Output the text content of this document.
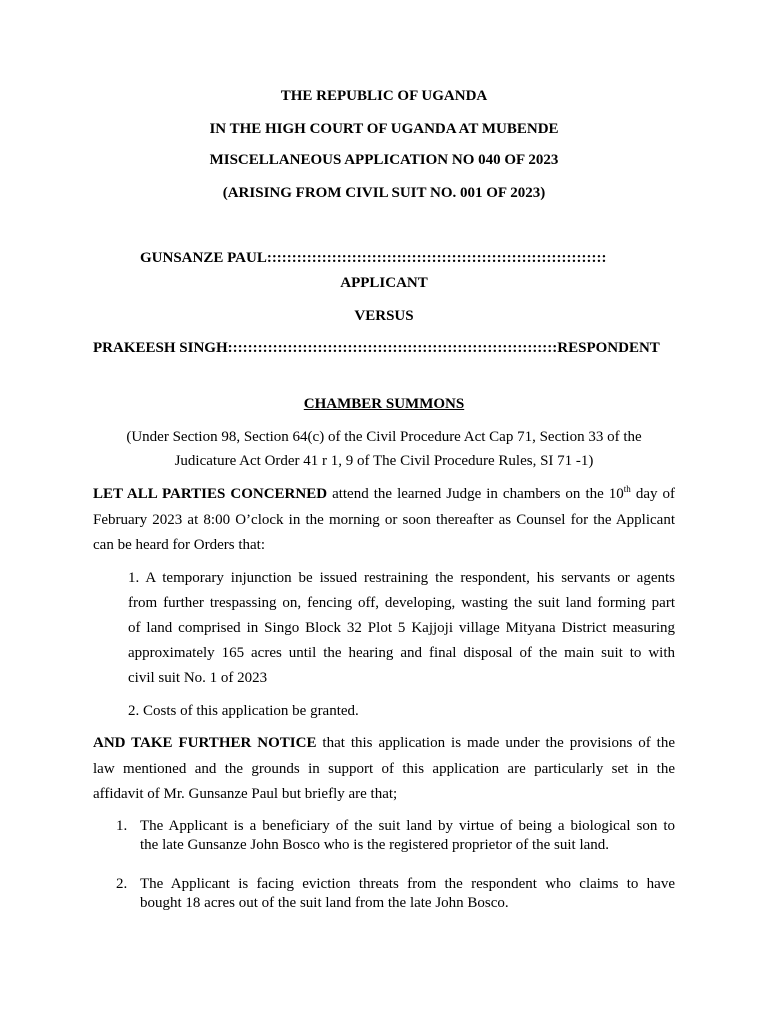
THE REPUBLIC OF UGANDA
IN THE HIGH COURT OF UGANDA AT MUBENDE
MISCELLANEOUS APPLICATION NO 040 OF 2023
(ARISING FROM CIVIL SUIT NO. 001 OF 2023)
GUNSANZE PAUL::::::::::::::::::::::::::::::::::::::::::::::::::::::::::::::::::::
APPLICANT
VERSUS
PRAKEESH SINGH::::::::::::::::::::::::::::::::::::::::::::::::::::::::::::::::::RESPONDENT
CHAMBER SUMMONS
(Under Section 98, Section 64(c) of the Civil Procedure Act Cap 71, Section 33 of the
Judicature Act Order 41 r 1, 9 of The Civil Procedure Rules, SI 71 -1)
LET ALL PARTIES CONCERNED attend the learned Judge in chambers on the 10th day of
February 2023 at 8:00 O’clock in the morning or soon thereafter as Counsel for the Applicant
can be heard for Orders that:
1. A temporary injunction be issued restraining the respondent, his servants or agents
from further trespassing on, fencing off, developing, wasting the suit land forming part
of land comprised in Singo Block 32 Plot 5 Kajjoji village Mityana District measuring
approximately 165 acres until the hearing and final disposal of the main suit to with
civil suit No. 1 of 2023
2. Costs of this application be granted.
AND TAKE FURTHER NOTICE that this application is made under the provisions of the
law mentioned and the grounds in support of this application are particularly set in the
affidavit of Mr. Gunsanze Paul but briefly are that;
1. The Applicant is a beneficiary of the suit land by virtue of being a biological son to
the late Gunsanze John Bosco who is the registered proprietor of the suit land.
2. The Applicant is facing eviction threats from the respondent who claims to have
bought 18 acres out of the suit land from the late John Bosco.
